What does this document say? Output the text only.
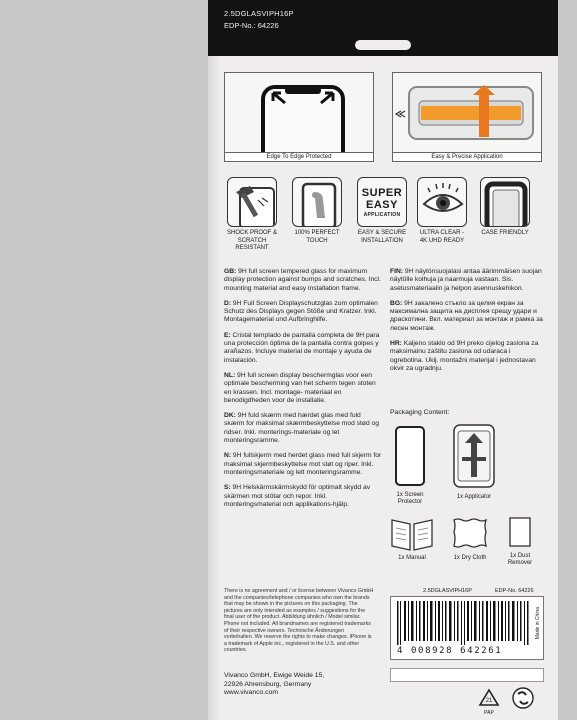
2.5DGLASVIPH16P
EDP-No.: 64226
Edge To Edge Protected	Easy & Precise Application
SHOCK PROOF & SCRATCH RESISTANT
100% PERFECT TOUCH
SUPER
EASY
APPLICATION
EASY & SECURE INSTALLATION
ULTRA CLEAR - 4K UHD READY
CASE FRIENDLY

GB: 9H full screen tempered glass for maximum display protection against bumps and scratches. Incl. mounting material and easy installation frame.

D: 9H Full Screen Displayschutzglas zum optimalen Schutz des Displays gegen Stöße und Kratzer. Inkl. Montagematerial und Aufbringhilfe.

E: Cristal templado de pantalla completa de 9H para una protección óptima de la pantalla contra golpes y arañazos. Incluye material de montaje y ayuda de instalación.

NL: 9H full screen display beschermglas voor een optimale bescherming van het scherm tegen stoten en krassen. Incl. montage- materiaal en benodigdheden voor de installatie.

DK: 9H fuld skærm med hærdet glas med fuld skærm for maksimal skærmbeskyttelse mod stød og ridser. Inkl. monterings-materiale og let monteringsramme.

N: 9H fullskjerm med herdet glass med full skjerm for maksimal skjermbeskyttelse mot støt og riper. Inkl. monteringsmateriale og lett monteringsramme.

S: 9H Helskärmskärmskydd för optimalt skydd av skärmen mot stötar och repor. Inkl. monteringsmaterial och applikations-hjälp.

FIN: 9H näytönsuojalasi antaa äärimmäisen suojan näytölle kolhuja ja naarmuja vastaan. Sis. asetusmateriaalin ja helpon asennuskehikon.

BG: 9H закалено стъкло за целия екран за максимална защита на дисплея срещу удари и драскотини. Вкл. материал за монтаж и рамка за лесен монтаж.

HR: Kaljeno staklo od 9H preko cijelog zaslona za maksimalnu zaštitu zaslona od udaraca i ogrebotina. Uklj. montažni materijal i jednostavan okvir za ugradnju.

Packaging Content:
1x Screen Protector
1x Applicator
1x Manual	1x Dry Cloth	1x Dust Remover
There is no agreement and / or license between Vivanco GmbH and the companies/telephone companies who own the brands that may be shown in the pictures on this packaging. The pictures are only intended as examples / suggestions for the final user of the product. Abbildung ähnlich / Model similar. Phone not included. All brandnames are registered trademarks of their respective owners. Technische Änderungen vorbehalten. We reserve the rights to make changes. iPhone is a trademark of Apple inc., registered in the U.S. and other countries.
Vivanco GmbH, Ewige Weide 15,
22926 Ahrensburg, Germany
www.vivanco.com
2.5DGLASVIPH16P	EDP-No. 64226
4 008928 642261
Made in China
21
PAP
